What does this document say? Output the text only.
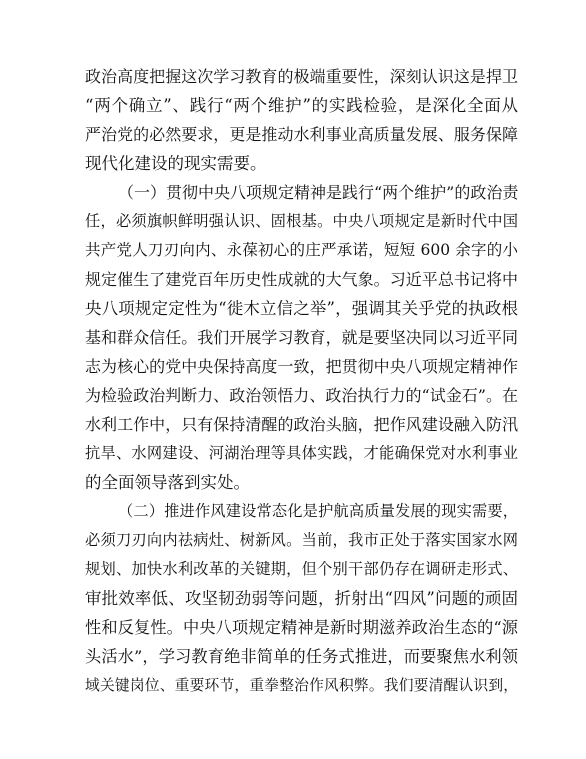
政治高度把握这次学习教育的极端重要性，深刻认识这是捍卫
“两个确立”、践行“两个维护”的实践检验，是深化全面从
严治党的必然要求，更是推动水利事业高质量发展、服务保障
现代化建设的现实需要。
（一）贯彻中央八项规定精神是践行“两个维护”的政治责
任，必须旗帜鲜明强认识、固根基。中央八项规定是新时代中国
共产党人刀刃向内、永葆初心的庄严承诺，短短 600 余字的小
规定催生了建党百年历史性成就的大气象。习近平总书记将中
央八项规定定性为“徙木立信之举”，强调其关乎党的执政根
基和群众信任。我们开展学习教育，就是要坚决同以习近平同
志为核心的党中央保持高度一致，把贯彻中央八项规定精神作
为检验政治判断力、政治领悟力、政治执行力的“试金石”。在
水利工作中，只有保持清醒的政治头脑，把作风建设融入防汛
抗旱、水网建设、河湖治理等具体实践，才能确保党对水利事业
的全面领导落到实处。
（二）推进作风建设常态化是护航高质量发展的现实需要，
必须刀刃向内祛病灶、树新风。当前，我市正处于落实国家水网
规划、加快水利改革的关键期，但个别干部仍存在调研走形式、
审批效率低、攻坚韧劲弱等问题，折射出“四风”问题的顽固
性和反复性。中央八项规定精神是新时期滋养政治生态的“源
头活水”，学习教育绝非简单的任务式推进，而要聚焦水利领
域关键岗位、重要环节，重拳整治作风积弊。我们要清醒认识到，
